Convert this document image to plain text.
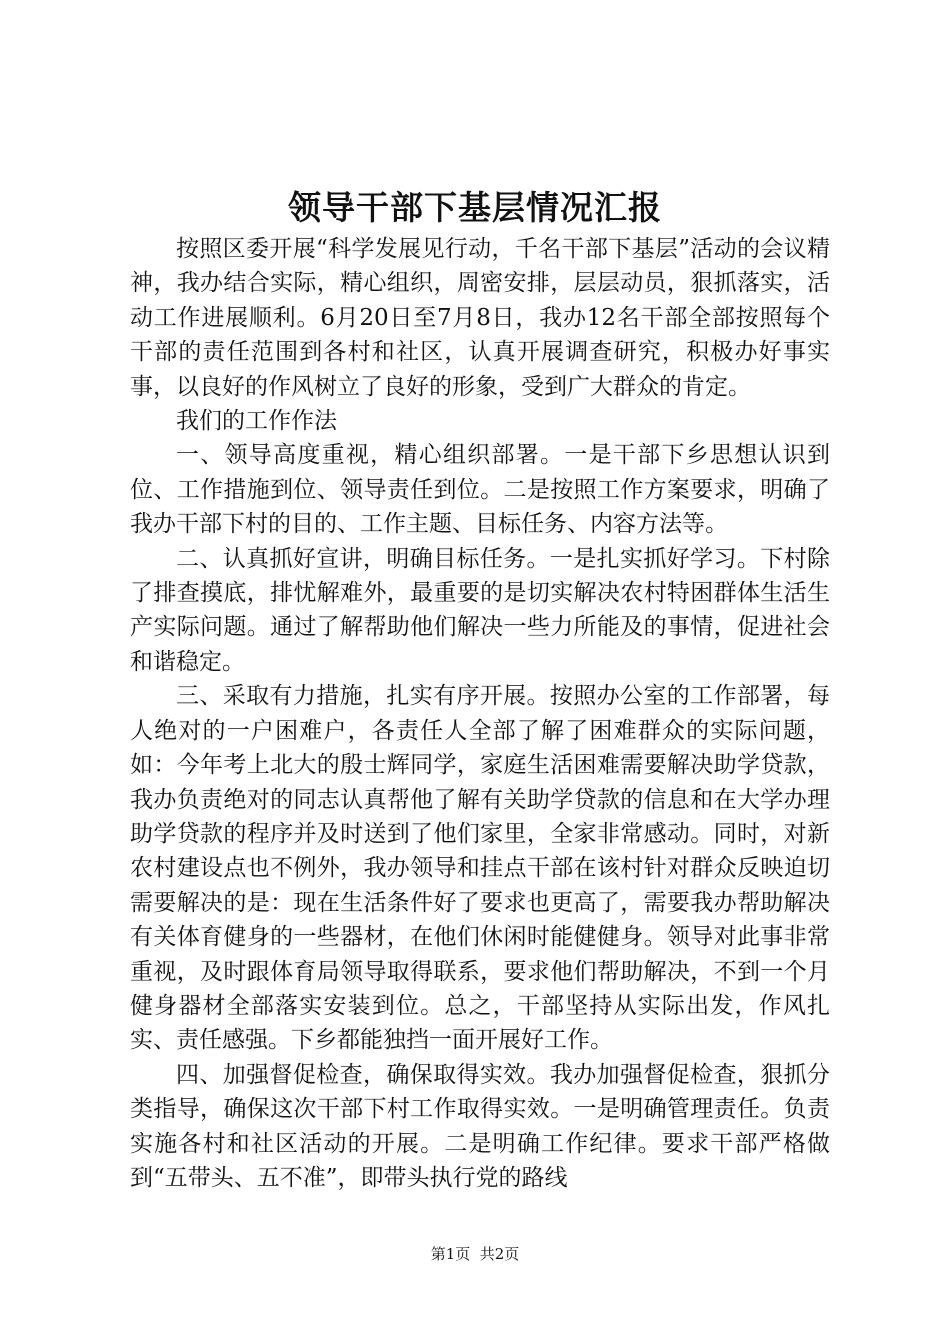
领导干部下基层情况汇报

按照区委开展“科学发展见行动，千名干部下基层”活动的会议精神，我办结合实际，精心组织，周密安排，层层动员，狠抓落实，活动工作进展顺利。6月20日至7月8日，我办12名干部全部按照每个干部的责任范围到各村和社区，认真开展调查研究，积极办好事实事，以良好的作风树立了良好的形象，受到广大群众的肯定。

我们的工作作法

一、领导高度重视，精心组织部署。一是干部下乡思想认识到位、工作措施到位、领导责任到位。二是按照工作方案要求，明确了我办干部下村的目的、工作主题、目标任务、内容方法等。

二、认真抓好宣讲，明确目标任务。一是扎实抓好学习。下村除了排查摸底，排忧解难外，最重要的是切实解决农村特困群体生活生产实际问题。通过了解帮助他们解决一些力所能及的事情，促进社会和谐稳定。

三、采取有力措施，扎实有序开展。按照办公室的工作部署，每人绝对的一户困难户，各责任人全部了解了困难群众的实际问题，如：今年考上北大的殷士辉同学，家庭生活困难需要解决助学贷款，我办负责绝对的同志认真帮他了解有关助学贷款的信息和在大学办理助学贷款的程序并及时送到了他们家里，全家非常感动。同时，对新农村建设点也不例外，我办领导和挂点干部在该村针对群众反映迫切需要解决的是：现在生活条件好了要求也更高了，需要我办帮助解决有关体育健身的一些器材，在他们休闲时能健健身。领导对此事非常重视，及时跟体育局领导取得联系，要求他们帮助解决，不到一个月健身器材全部落实安装到位。总之，干部坚持从实际出发，作风扎实、责任感强。下乡都能独挡一面开展好工作。

四、加强督促检查，确保取得实效。我办加强督促检查，狠抓分类指导，确保这次干部下村工作取得实效。一是明确管理责任。负责实施各村和社区活动的开展。二是明确工作纪律。要求干部严格做到“五带头、五不准”，即带头执行党的路线

第1页  共2页
